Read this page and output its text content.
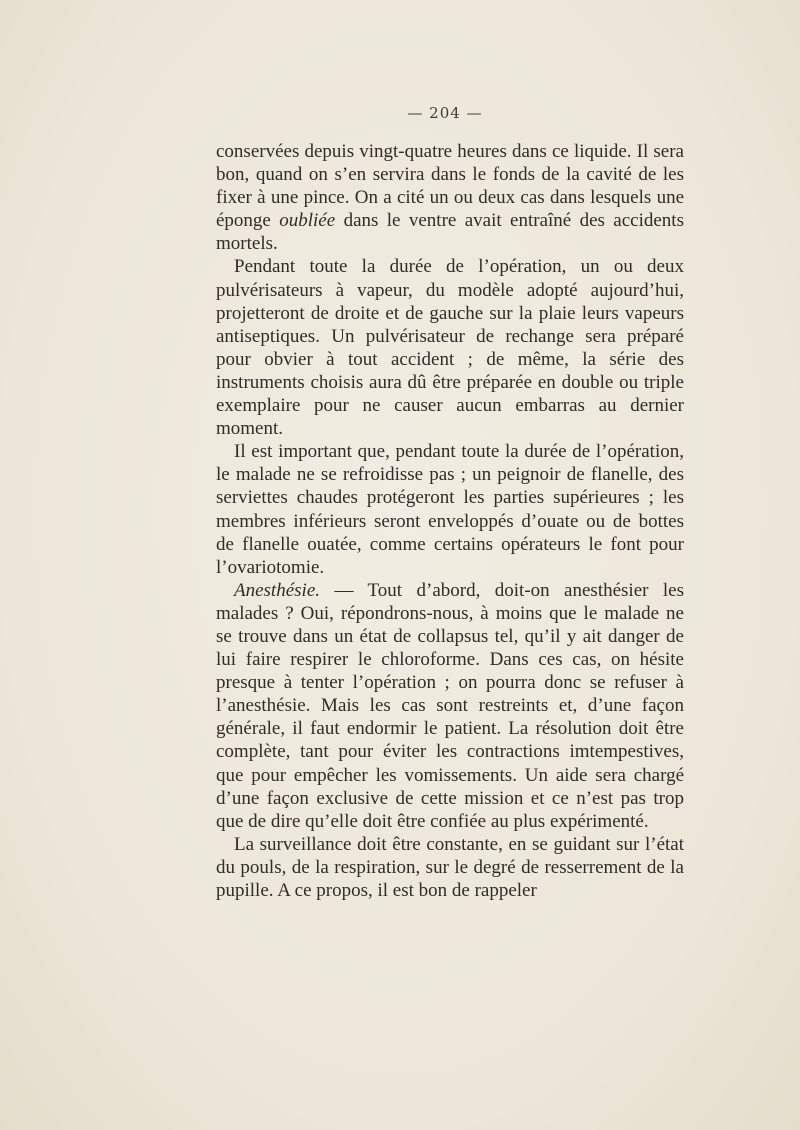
— 204 —

conservées depuis vingt-quatre heures dans ce liquide. Il sera bon, quand on s’en servira dans le fonds de la cavité de les fixer à une pince. On a cité un ou deux cas dans lesquels une éponge oubliée dans le ventre avait entraîné des accidents mortels.

Pendant toute la durée de l’opération, un ou deux pulvérisateurs à vapeur, du modèle adopté aujourd’hui, projetteront de droite et de gauche sur la plaie leurs vapeurs antiseptiques. Un pulvérisateur de rechange sera préparé pour obvier à tout accident ; de même, la série des instruments choisis aura dû être préparée en double ou triple exemplaire pour ne causer aucun embarras au dernier moment.

Il est important que, pendant toute la durée de l’opération, le malade ne se refroidisse pas ; un peignoir de flanelle, des serviettes chaudes protégeront les parties supérieures ; les membres inférieurs seront enveloppés d’ouate ou de bottes de flanelle ouatée, comme certains opérateurs le font pour l’ovariotomie.

Anesthésie. — Tout d’abord, doit-on anesthésier les malades ? Oui, répondrons-nous, à moins que le malade ne se trouve dans un état de collapsus tel, qu’il y ait danger de lui faire respirer le chloroforme. Dans ces cas, on hésite presque à tenter l’opération ; on pourra donc se refuser à l’anesthésie. Mais les cas sont restreints et, d’une façon générale, il faut endormir le patient. La résolution doit être complète, tant pour éviter les contractions imtempestives, que pour empêcher les vomissements. Un aide sera chargé d’une façon exclusive de cette mission et ce n’est pas trop que de dire qu’elle doit être confiée au plus expérimenté.

La surveillance doit être constante, en se guidant sur l’état du pouls, de la respiration, sur le degré de resserrement de la pupille. A ce propos, il est bon de rappeler
